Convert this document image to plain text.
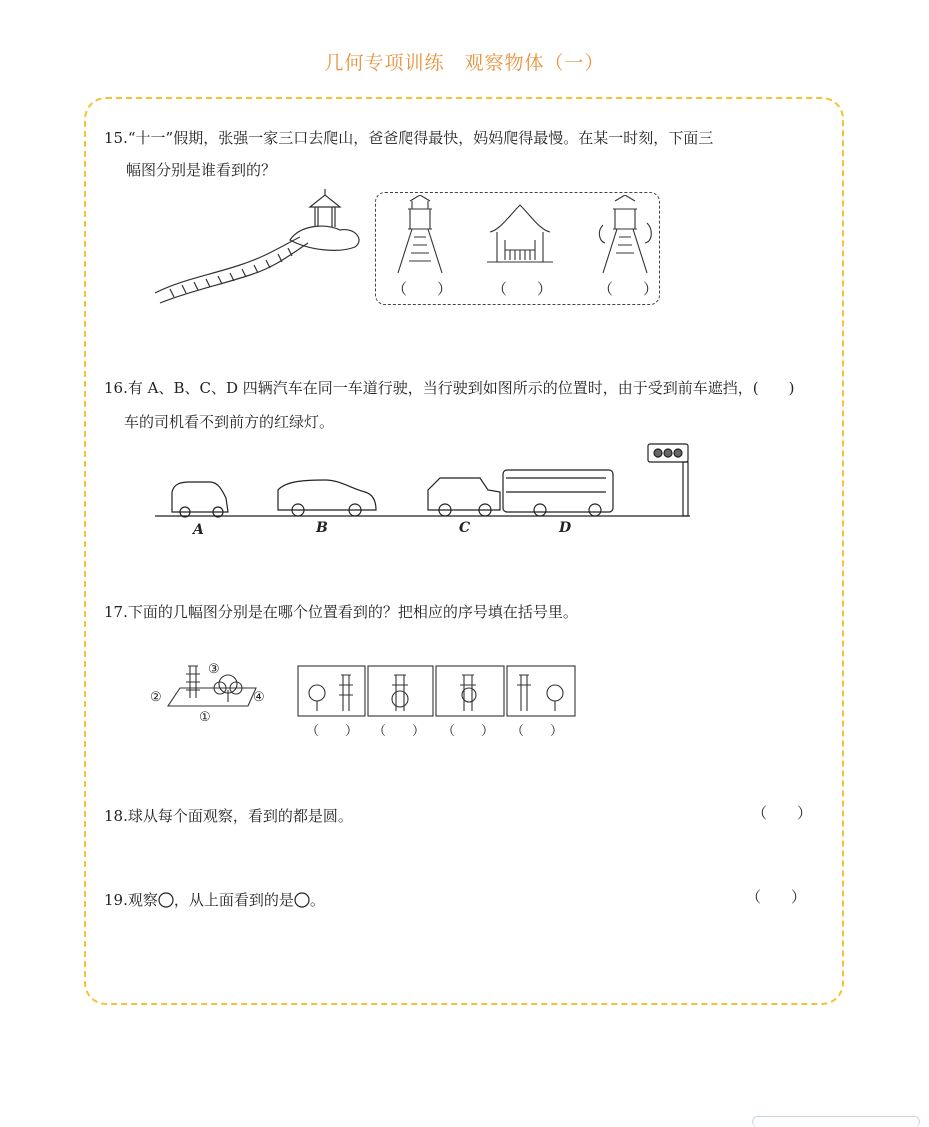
几何专项训练　观察物体（一）
15.“十一”假期，张强一家三口去爬山，爸爸爬得最快，妈妈爬得最慢。在某一时刻，下面三
幅图分别是谁看到的？
（　　）	（　　）	（　　）
16.有 A、B、C、D 四辆汽车在同一车道行驶，当行驶到如图所示的位置时，由于受到前车遮挡，(　　)
车的司机看不到前方的红绿灯。
A	B	C	D
17.下面的几幅图分别是在哪个位置看到的？把相应的序号填在括号里。
②
③
④
①
（　　） （　　） （　　） （　　）
18.球从每个面观察，看到的都是圆。	（　　）
19.观察 ，从上面看到的是 。	（　　）
